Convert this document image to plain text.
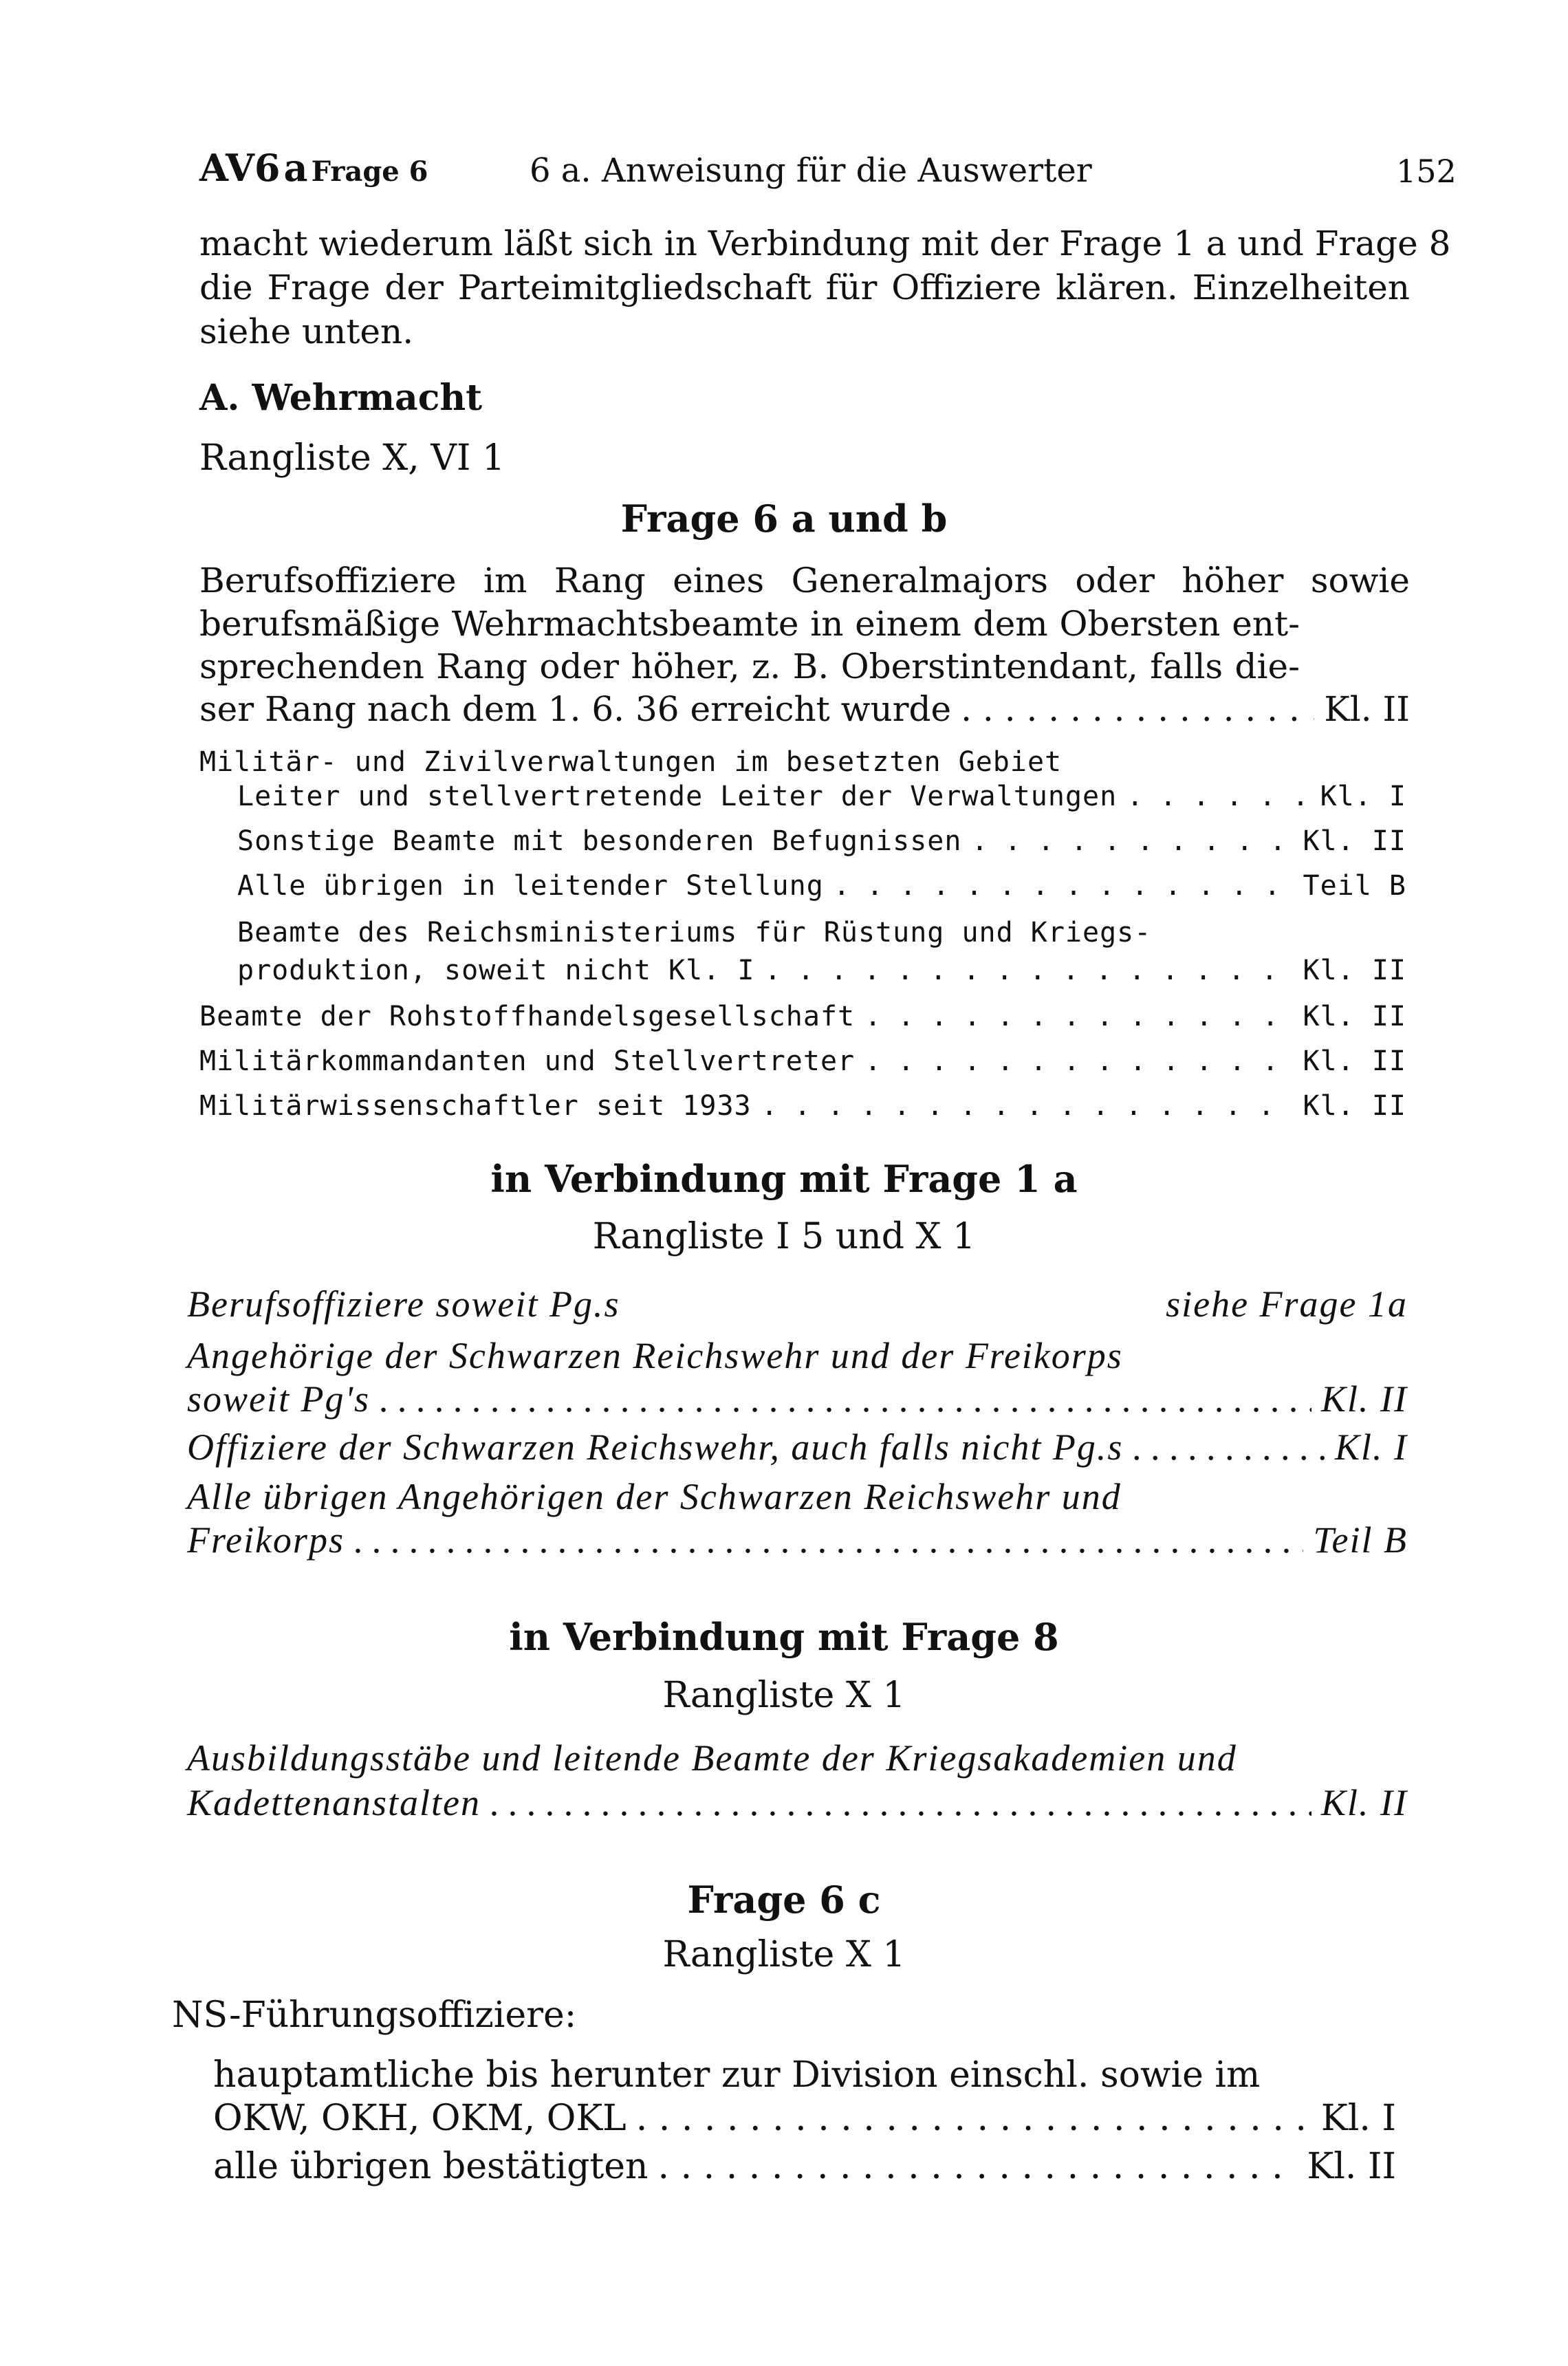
AV6 a Frage 6	6 a. Anweisung für die Auswerter	152
macht wiederum läßt sich in Verbindung mit der Frage 1 a und Frage 8
die Frage der Parteimitgliedschaft für Offiziere klären. Einzelheiten
siehe unten.
A. Wehrmacht
Rangliste X, VI 1
Frage 6 a und b
Berufsoffiziere im Rang eines Generalmajors oder höher sowie
berufsmäßige Wehrmachtsbeamte in einem dem Obersten ent-
sprechenden Rang oder höher, z. B. Oberstintendant, falls die-
ser Rang nach dem 1. 6. 36 erreicht wurde . . .	Kl. II
Militär- und Zivilverwaltungen im besetzten Gebiet
Leiter und stellvertretende Leiter der Verwaltungen . . .	Kl. I
Sonstige Beamte mit besonderen Befugnissen . . .	Kl. II
Alle übrigen in leitender Stellung . . .	Teil B
Beamte des Reichsministeriums für Rüstung und Kriegs-
produktion, soweit nicht Kl. I . . .	Kl. II
Beamte der Rohstoffhandelsgesellschaft . . .	Kl. II
Militärkommandanten und Stellvertreter . . .	Kl. II
Militärwissenschaftler seit 1933 . . .	Kl. II
in Verbindung mit Frage 1 a
Rangliste I 5 und X 1
Berufsoffiziere soweit Pg.s	siehe Frage 1a
Angehörige der Schwarzen Reichswehr und der Freikorps
soweit Pg's . . .	Kl. II
Offiziere der Schwarzen Reichswehr, auch falls nicht Pg.s . . .	Kl. I
Alle übrigen Angehörigen der Schwarzen Reichswehr und
Freikorps . . .	Teil B
in Verbindung mit Frage 8
Rangliste X 1
Ausbildungsstäbe und leitende Beamte der Kriegsakademien und
Kadettenanstalten . . .	Kl. II
Frage 6 c
Rangliste X 1
NS-Führungsoffiziere:
hauptamtliche bis herunter zur Division einschl. sowie im
OKW, OKH, OKM, OKL . . .	Kl. I
alle übrigen bestätigten . . .	Kl. II
